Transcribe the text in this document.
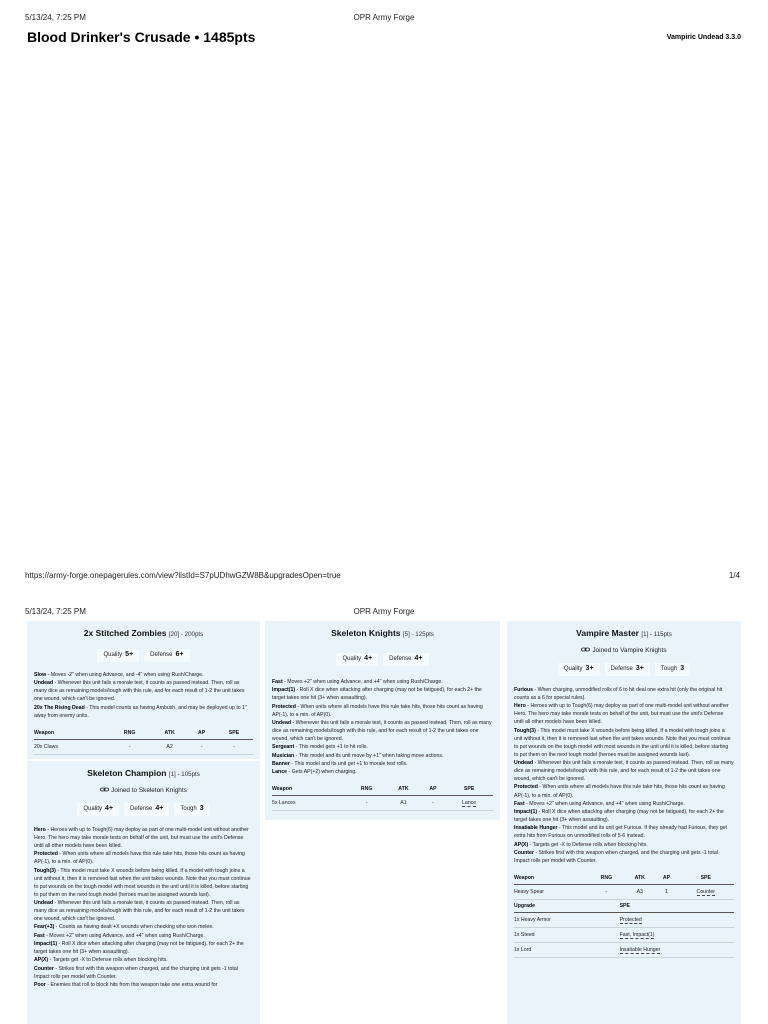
5/13/24, 7:25 PM	OPR Army Forge
Blood Drinker's Crusade • 1485pts	Vampiric Undead 3.3.0
https://army-forge.onepagerules.com/view?listId=S7pUDhwGZW8B&upgradesOpen=true	1/4
5/13/24, 7:25 PM	OPR Army Forge
2x Stitched Zombies [20] - 200pts
Quality 5+	Defense 6+
Slow - Moves -2" when using Advance, and -4" when using Rush/Charge.
Undead - Whenever this unit fails a morale test, it counts as passed instead. Then, roll as many dice as remaining models/tough with this rule, and for each result of 1-2 the unit takes one wound, which can't be ignored.
20x The Rising Dead - This model counts as having Ambush, and may be deployed up to 1" away from enemy units.
Weapon	RNG	ATK	AP	SPE
20x Claws	-	A2	-	-
Skeleton Champion [1] - 105pts
Joined to Skeleton Knights
Quality 4+	Defense 4+	Tough 3
Hero - Heroes with up to Tough(6) may deploy as part of one multi-model unit without another Hero. The hero may take morale tests on behalf of the unit, but must use the unit's Defense until all other models have been killed.
Protected - When units where all models have this rule take hits, those hits count as having AP(-1), to a min. of AP(0).
Tough(3) - This model must take X wounds before being killed. If a model with tough joins a unit without it, then it is removed last when the unit takes wounds. Note that you must continue to put wounds on the tough model with most wounds in the unit until it is killed, before starting to put them on the next tough model (heroes must be assigned wounds last).
Undead - Whenever this unit fails a morale test, it counts as passed instead. Then, roll as many dice as remaining models/tough with this rule, and for each result of 1-2 the unit takes one wound, which can't be ignored.
Fear(+3) - Counts as having dealt +X wounds when checking who won melee.
Fast - Moves +2" when using Advance, and +4" when using Rush/Charge.
Impact(1) - Roll X dice when attacking after charging (may not be fatigued), for each 2+ the target takes one hit (3+ when assaulting).
AP(X) - Targets get -X to Defense rolls when blocking hits.
Counter - Strikes first with this weapon when charged, and the charging unit gets -1 total Impact rolls per model with Counter.
Poor - Enemies that roll to block hits from this weapon take one extra wound for
Skeleton Knights [5] - 125pts
Quality 4+	Defense 4+
Fast - Moves +2" when using Advance, and +4" when using Rush/Charge.
Impact(1) - Roll X dice when attacking after charging (may not be fatigued), for each 2+ the target takes one hit (3+ when assaulting).
Protected - When units where all models have this rule take hits, those hits count as having AP(-1), to a min. of AP(0).
Undead - Whenever this unit fails a morale test, it counts as passed instead. Then, roll as many dice as remaining models/tough with this rule, and for each result of 1-2 the unit takes one wound, which can't be ignored.
Sergeant - This model gets +1 to hit rolls.
Musician - This model and its unit move by +1" when taking move actions.
Banner - This model and its unit get +1 to morale test rolls.
Lance - Gets AP(+2) when charging.
Weapon	RNG	ATK	AP	SPE
5x Lances	-	A1	-	Lance
Vampire Master [1] - 115pts
Joined to Vampire Knights
Quality 3+	Defense 3+	Tough 3
Furious - When charging, unmodified rolls of 6 to hit deal one extra hit (only the original hit counts as a 6 for special rules).
Hero - Heroes with up to Tough(6) may deploy as part of one multi-model unit without another Hero. The hero may take morale tests on behalf of the unit, but must use the unit's Defense until all other models have been killed.
Tough(3) - This model must take X wounds before being killed. If a model with tough joins a unit without it, then it is removed last when the unit takes wounds. Note that you must continue to put wounds on the tough model with most wounds in the unit until it is killed, before starting to put them on the next tough model (heroes must be assigned wounds last).
Undead - Whenever this unit fails a morale test, it counts as passed instead. Then, roll as many dice as remaining models/tough with this rule, and for each result of 1-2 the unit takes one wound, which can't be ignored.
Protected - When units where all models have this rule take hits, those hits count as having AP(-1), to a min. of AP(0).
Fast - Moves +2" when using Advance, and +4" when using Rush/Charge.
Impact(1) - Roll X dice when attacking after charging (may not be fatigued), for each 2+ the target takes one hit (3+ when assaulting).
Insatiable Hunger - This model and its unit get Furious. If they already had Furious, they get extra hits from Furious on unmodified rolls of 5-6 instead.
AP(X) - Targets get -X to Defense rolls when blocking hits.
Counter - Strikes first with this weapon when charged, and the charging unit gets -1 total Impact rolls per model with Counter.
Weapon	RNG	ATK	AP	SPE
Heavy Spear	-	A3	1	Counter
Upgrade	SPE
1x Heavy Armor	Protected
1x Steed	Fast, Impact(1)
1x Lord	Insatiable Hunger
